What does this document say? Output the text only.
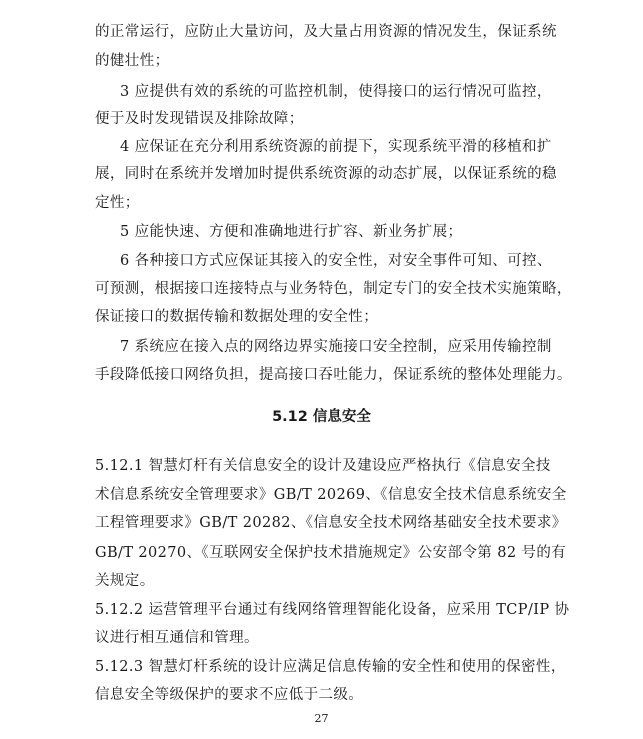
的正常运行，应防止大量访问，及大量占用资源的情况发生，保证系统
的健壮性；
3 应提供有效的系统的可监控机制，使得接口的运行情况可监控，
便于及时发现错误及排除故障；
4 应保证在充分利用系统资源的前提下，实现系统平滑的移植和扩
展，同时在系统并发增加时提供系统资源的动态扩展，以保证系统的稳
定性；
5 应能快速、方便和准确地进行扩容、新业务扩展；
6 各种接口方式应保证其接入的安全性，对安全事件可知、可控、
可预测，根据接口连接特点与业务特色，制定专门的安全技术实施策略，
保证接口的数据传输和数据处理的安全性；
7 系统应在接入点的网络边界实施接口安全控制，应采用传输控制
手段降低接口网络负担，提高接口吞吐能力，保证系统的整体处理能力。
5.12 信息安全
5.12.1 智慧灯杆有关信息安全的设计及建设应严格执行《信息安全技
术信息系统安全管理要求》GB/T 20269、《信息安全技术信息系统安全
工程管理要求》GB/T 20282、《信息安全技术网络基础安全技术要求》
GB/T 20270、《互联网安全保护技术措施规定》公安部令第 82 号的有
关规定。
5.12.2 运营管理平台通过有线网络管理智能化设备，应采用 TCP/IP 协
议进行相互通信和管理。
5.12.3 智慧灯杆系统的设计应满足信息传输的安全性和使用的保密性，
信息安全等级保护的要求不应低于二级。
27
